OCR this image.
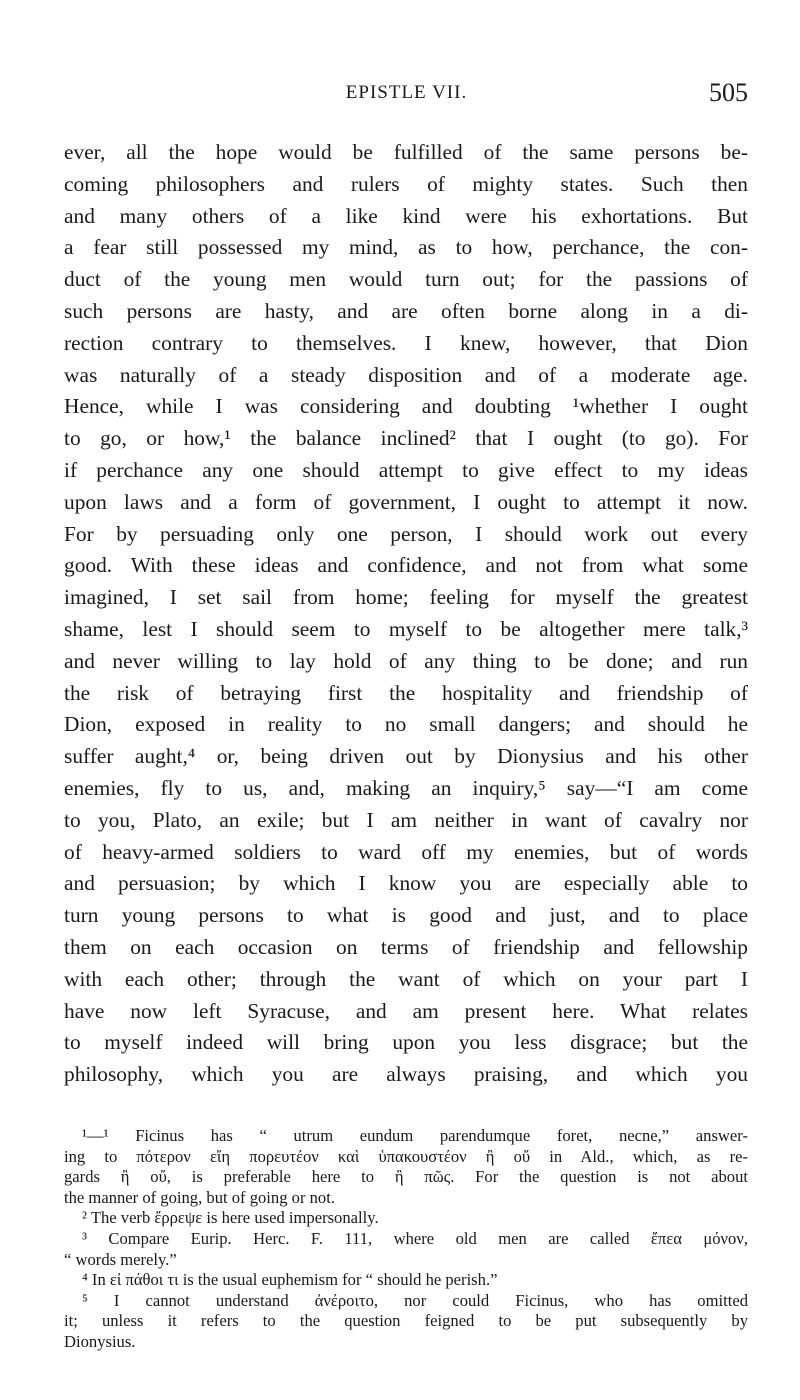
EPISTLE VII.	505
ever, all the hope would be fulfilled of the same persons be-
coming philosophers and rulers of mighty states. Such then
and many others of a like kind were his exhortations. But
a fear still possessed my mind, as to how, perchance, the con-
duct of the young men would turn out; for the passions of
such persons are hasty, and are often borne along in a di-
rection contrary to themselves. I knew, however, that Dion
was naturally of a steady disposition and of a moderate age.
Hence, while I was considering and doubting ¹whether I ought
to go, or how,¹ the balance inclined² that I ought (to go). For
if perchance any one should attempt to give effect to my ideas
upon laws and a form of government, I ought to attempt it now.
For by persuading only one person, I should work out every
good. With these ideas and confidence, and not from what some
imagined, I set sail from home; feeling for myself the greatest
shame, lest I should seem to myself to be altogether mere talk,³
and never willing to lay hold of any thing to be done; and run
the risk of betraying first the hospitality and friendship of
Dion, exposed in reality to no small dangers; and should he
suffer aught,⁴ or, being driven out by Dionysius and his other
enemies, fly to us, and, making an inquiry,⁵ say—“I am come
to you, Plato, an exile; but I am neither in want of cavalry nor
of heavy-armed soldiers to ward off my enemies, but of words
and persuasion; by which I know you are especially able to
turn young persons to what is good and just, and to place
them on each occasion on terms of friendship and fellowship
with each other; through the want of which on your part I
have now left Syracuse, and am present here. What relates
to myself indeed will bring upon you less disgrace; but the
philosophy, which you are always praising, and which you
¹—¹ Ficinus has “ utrum eundum parendumque foret, necne,” answer-
ing to πότερον εἴη πορευτέον καὶ ὑπακουστέον ἢ οὔ in Ald., which, as re-
gards ἢ οὔ, is preferable here to ἢ πῶς. For the question is not about
the manner of going, but of going or not.
² The verb ἔρρεψε is here used impersonally.
³ Compare Eurip. Herc. F. 111, where old men are called ἔπεα μόνον,
“ words merely.”
⁴ In εἰ πάθοι τι is the usual euphemism for “ should he perish.”
⁵ I cannot understand ἀνέροιτο, nor could Ficinus, who has omitted
it; unless it refers to the question feigned to be put subsequently by
Dionysius.
